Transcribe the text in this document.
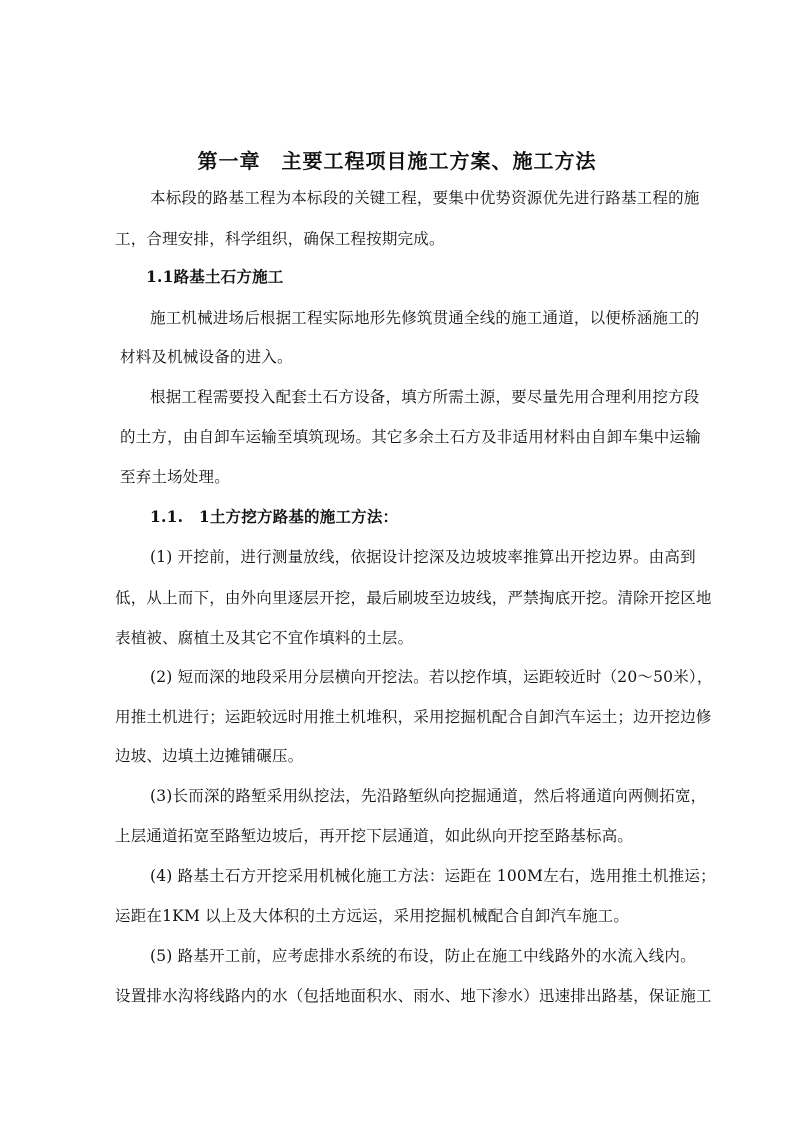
第一章　主要工程项目施工方案、施工方法
本标段的路基工程为本标段的关键工程，要集中优势资源优先进行路基工程的施
工，合理安排，科学组织，确保工程按期完成。
1.1路基土石方施工
施工机械进场后根据工程实际地形先修筑贯通全线的施工通道，以便桥涵施工的
材料及机械设备的进入。
根据工程需要投入配套土石方设备，填方所需土源，要尽量先用合理利用挖方段
的土方，由自卸车运输至填筑现场。其它多余土石方及非适用材料由自卸车集中运输
至弃土场处理。
1.1.　1土方挖方路基的施工方法：
(1) 开挖前，进行测量放线，依据设计挖深及边坡坡率推算出开挖边界。由高到
低，从上而下，由外向里逐层开挖，最后刷坡至边坡线，严禁掏底开挖。清除开挖区地
表植被、腐植土及其它不宜作填料的土层。
(2) 短而深的地段采用分层横向开挖法。若以挖作填，运距较近时（20～50米），
用推土机进行；运距较远时用推土机堆积，采用挖掘机配合自卸汽车运土；边开挖边修
边坡、边填土边摊铺碾压。
(3)长而深的路堑采用纵挖法，先沿路堑纵向挖掘通道，然后将通道向两侧拓宽，
上层通道拓宽至路堑边坡后，再开挖下层通道，如此纵向开挖至路基标高。
(4) 路基土石方开挖采用机械化施工方法：运距在 100M左右，选用推土机推运；
运距在1KM 以上及大体积的土方远运，采用挖掘机械配合自卸汽车施工。
(5) 路基开工前，应考虑排水系统的布设，防止在施工中线路外的水流入线内。
设置排水沟将线路内的水（包括地面积水、雨水、地下渗水）迅速排出路基，保证施工
